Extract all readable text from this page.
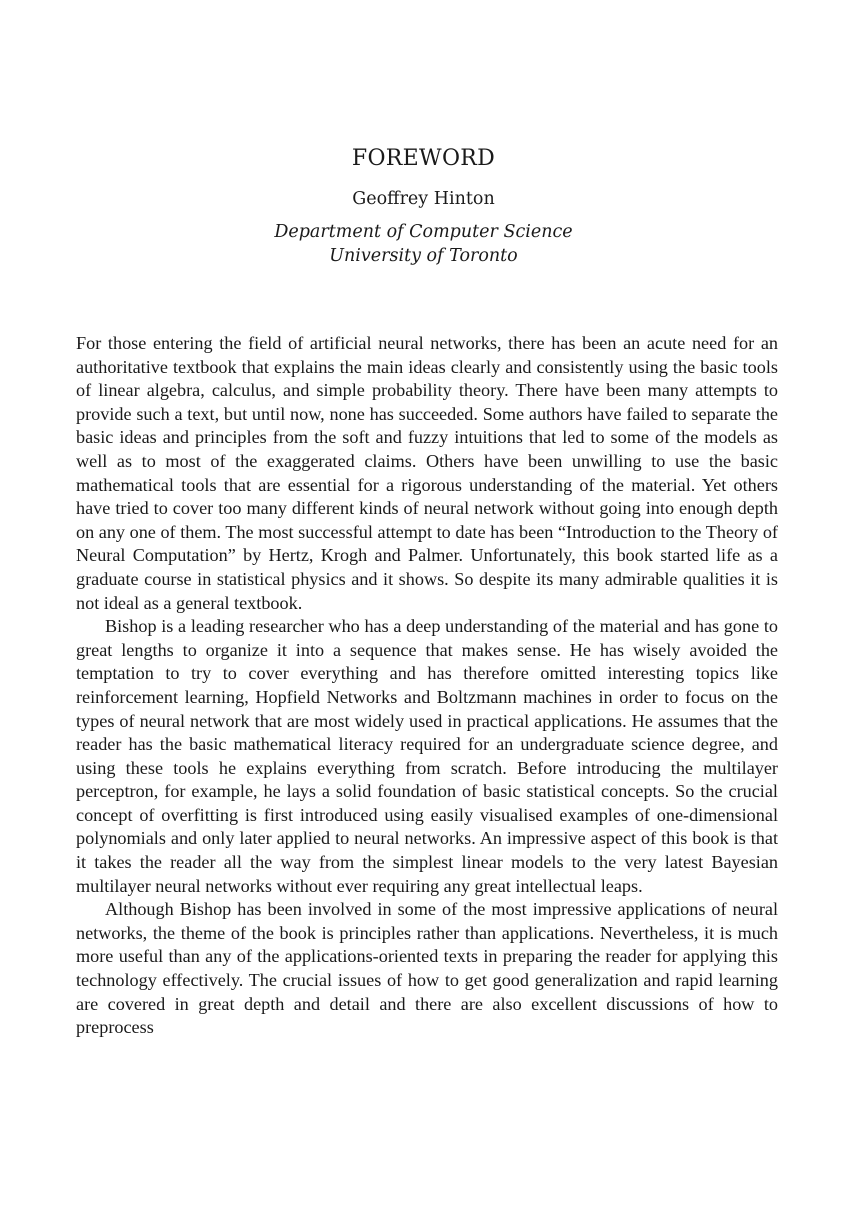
FOREWORD
Geoffrey Hinton
Department of Computer Science
University of Toronto

For those entering the field of artificial neural networks, there has been an acute need for an authoritative textbook that explains the main ideas clearly and consistently using the basic tools of linear algebra, calculus, and simple probability theory. There have been many attempts to provide such a text, but until now, none has succeeded. Some authors have failed to separate the basic ideas and principles from the soft and fuzzy intuitions that led to some of the models as well as to most of the exaggerated claims. Others have been unwilling to use the basic mathematical tools that are essential for a rigorous understanding of the material. Yet others have tried to cover too many different kinds of neural network without going into enough depth on any one of them. The most successful attempt to date has been “Introduction to the Theory of Neural Computation” by Hertz, Krogh and Palmer. Unfortunately, this book started life as a graduate course in statistical physics and it shows. So despite its many admirable qualities it is not ideal as a general textbook.

Bishop is a leading researcher who has a deep understanding of the material and has gone to great lengths to organize it into a sequence that makes sense. He has wisely avoided the temptation to try to cover everything and has therefore omitted interesting topics like reinforcement learning, Hopfield Networks and Boltzmann machines in order to focus on the types of neural network that are most widely used in practical applications. He assumes that the reader has the basic mathematical literacy required for an undergraduate science degree, and using these tools he explains everything from scratch. Before introducing the multilayer perceptron, for example, he lays a solid foundation of basic statistical concepts. So the crucial concept of overfitting is first introduced using easily visualised examples of one-dimensional polynomials and only later applied to neural networks. An impressive aspect of this book is that it takes the reader all the way from the simplest linear models to the very latest Bayesian multilayer neural networks without ever requiring any great intellectual leaps.

Although Bishop has been involved in some of the most impressive applications of neural networks, the theme of the book is principles rather than applications. Nevertheless, it is much more useful than any of the applications-oriented texts in preparing the reader for applying this technology effectively. The crucial issues of how to get good generalization and rapid learning are covered in great depth and detail and there are also excellent discussions of how to preprocess
